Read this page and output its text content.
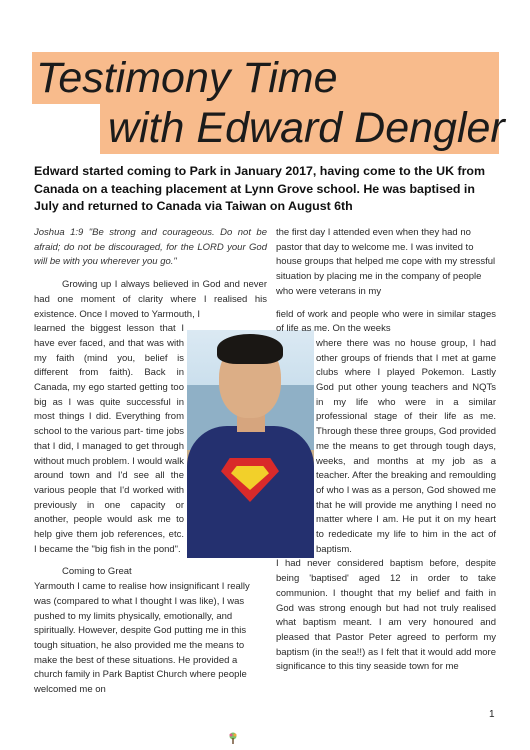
Testimony Time
with Edward Dengler
Edward started coming to Park in January 2017, having come to the UK from Canada on a teaching placement at Lynn Grove school. He was baptised in July and returned to Canada via Taiwan on August 6th

Joshua 1:9 "Be strong and courageous. Do not be afraid; do not be discouraged, for the LORD your God will be with you wherever you go."

Growing up I always believed in God and never had one moment of clarity where I realised his existence. Once I moved to Yarmouth, I

learned the biggest lesson that I have ever faced, and that was with my faith (mind you, belief is different from faith). Back in Canada, my ego started getting too big as I was quite successful in most things I did. Everything from school to the various part- time jobs that I did, I managed to get through without much problem. I would walk around town and I'd see all the various people that I'd worked with previously in one capacity or another, people would ask me to help give them job references, etc. I became the "big fish in the pond".

Coming to Great

Yarmouth I came to realise how insignificant I really was (compared to what I thought I was like), I was pushed to my limits physically, emotionally, and spiritually. However, despite God putting me in this tough situation, he also provided me the means to make the best of these situations. He provided a church family in Park Baptist Church where people welcomed me on

the first day I attended even when they had no pastor that day to welcome me. I was invited to house groups that helped me cope with my stressful situation by placing me in the company of people who were veterans in my

field of work and people who were in similar stages of life as me. On the weeks

where there was no house group, I had other groups of friends that I met at game clubs where I played Pokemon. Lastly God put other young teachers and NQTs in my life who were in a similar professional stage of their life as me. Through these three groups, God provided me the means to get through tough days, weeks, and months at my job as a teacher. After the breaking and remoulding of who I was as a person, God showed me that he will provide me anything I need no matter where I am. He put it on my heart to rededicate my life to him in the act of baptism.

I had never considered baptism before, despite being 'baptised' aged 12 in order to take communion. I thought that my belief and faith in God was strong enough but had not truly realised what baptism meant. I am very honoured and pleased that Pastor Peter agreed to perform my baptism (in the sea!!) as I felt that it would add more significance to this tiny seaside town for me

1
